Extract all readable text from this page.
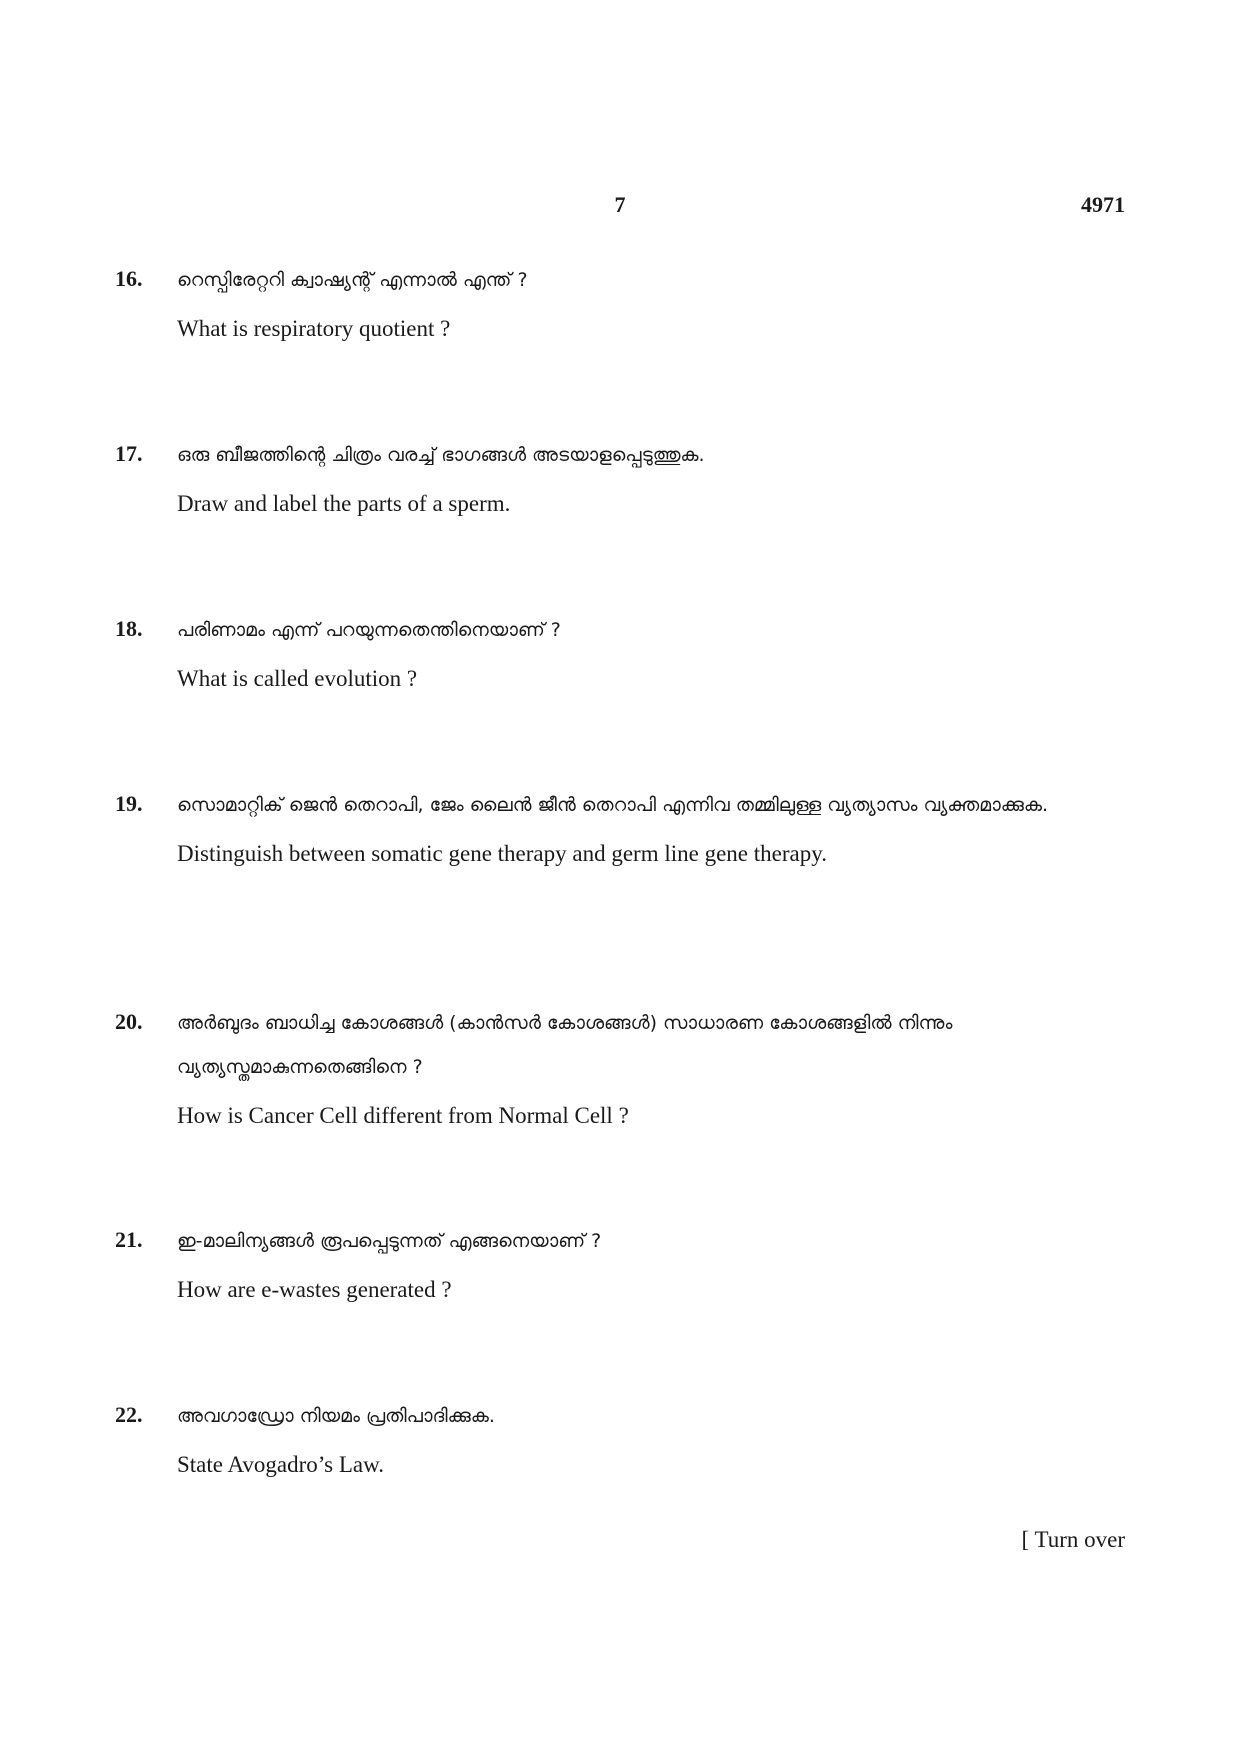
7	4971
16. റെസ്പിരേറ്ററി ക്വാഷ്യന്റ് എന്നാൽ എന്ത് ?
What is respiratory quotient ?
17. ഒരു ബീജത്തിന്റെ ചിത്രം വരച്ച് ഭാഗങ്ങൾ അടയാളപ്പെടുത്തുക.
Draw and label the parts of a sperm.
18. പരിണാമം എന്ന് പറയുന്നതെന്തിനെയാണ് ?
What is called evolution ?
19. സൊമാറ്റിക് ജെൻ തെറാപി, ജേം ലൈൻ ജീൻ തെറാപി എന്നിവ തമ്മിലുള്ള വ്യത്യാസം വ്യക്തമാക്കുക.
Distinguish between somatic gene therapy and germ line gene therapy.
20. അർബുദം ബാധിച്ച കോശങ്ങൾ (കാൻസർ കോശങ്ങൾ) സാധാരണ കോശങ്ങളിൽ നിന്നും വ്യത്യസ്തമാകുന്നതെങ്ങിനെ ?
How is Cancer Cell different from Normal Cell ?
21. ഇ-മാലിന്യങ്ങൾ രൂപപ്പെടുന്നത് എങ്ങനെയാണ് ?
How are e-wastes generated ?
22. അവഗാഡ്രോ നിയമം പ്രതിപാദിക്കുക.
State Avogadro’s Law.
[ Turn over
